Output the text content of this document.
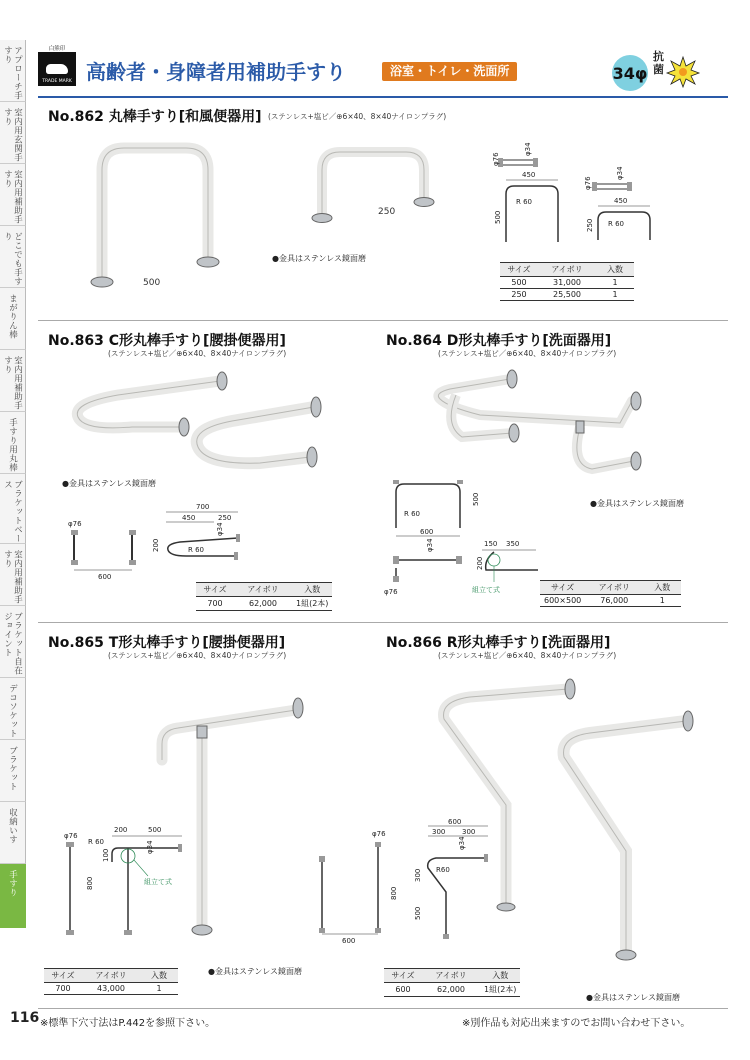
アプローチ手すり
室内用玄関手すり
室内用補助手すり
どこでも手すり
まがりん棒
室内用補助手すり
手すり用丸棒
ブラケットベース
室内用補助手すり
ブラケット自在ジョイント
デコソケット
ブラケット
収納いす
手すり
白熊印
TRADE MARK 高齢者・身障者用補助手すり	浴室・トイレ・洗面所	34φ
抗菌
No.862 丸棒手すり[和風便器用] (ステンレス+塩ビ／⊕6×40、8×40ナイロンプラグ)
500
250
●金具はステンレス鏡面磨
φ76
φ34
450
R 60
500
φ76
φ34
450
R 60
250
サイズ	アイボリ	入数
500	31,000	1
250	25,500	1
No.863 C形丸棒手すり[腰掛便器用]
(ステンレス+塩ビ／⊕6×40、8×40ナイロンプラグ)
●金具はステンレス鏡面磨
φ76
600
700
450	250
φ34
R 60
200
サイズ	アイボリ	入数
700	62,000	1組(2本)
No.864 D形丸棒手すり[洗面器用]
(ステンレス+塩ビ／⊕6×40、8×40ナイロンプラグ)
●金具はステンレス鏡面磨
R 60
500
600
φ34
φ76
150 350
200
組立て式	サイズ	アイボリ	入数
600×500	76,000	1
No.865 T形丸棒手すり[腰掛便器用]
(ステンレス+塩ビ／⊕6×40、8×40ナイロンプラグ)
●金具はステンレス鏡面磨
φ76
800
R 60
200	500
100
φ34
組立て式
サイズ	アイボリ	入数
700	43,000	1
No.866 R形丸棒手すり[洗面器用]
(ステンレス+塩ビ／⊕6×40、8×40ナイロンプラグ)
●金具はステンレス鏡面磨
φ76
800
600
600
300 300
φ34
R60
300
500
サイズ	アイボリ	入数
600	62,000	1組(2本)
116 ※標準下穴寸法はP.442を参照下さい。	※別作品も対応出来ますのでお問い合わせ下さい。
